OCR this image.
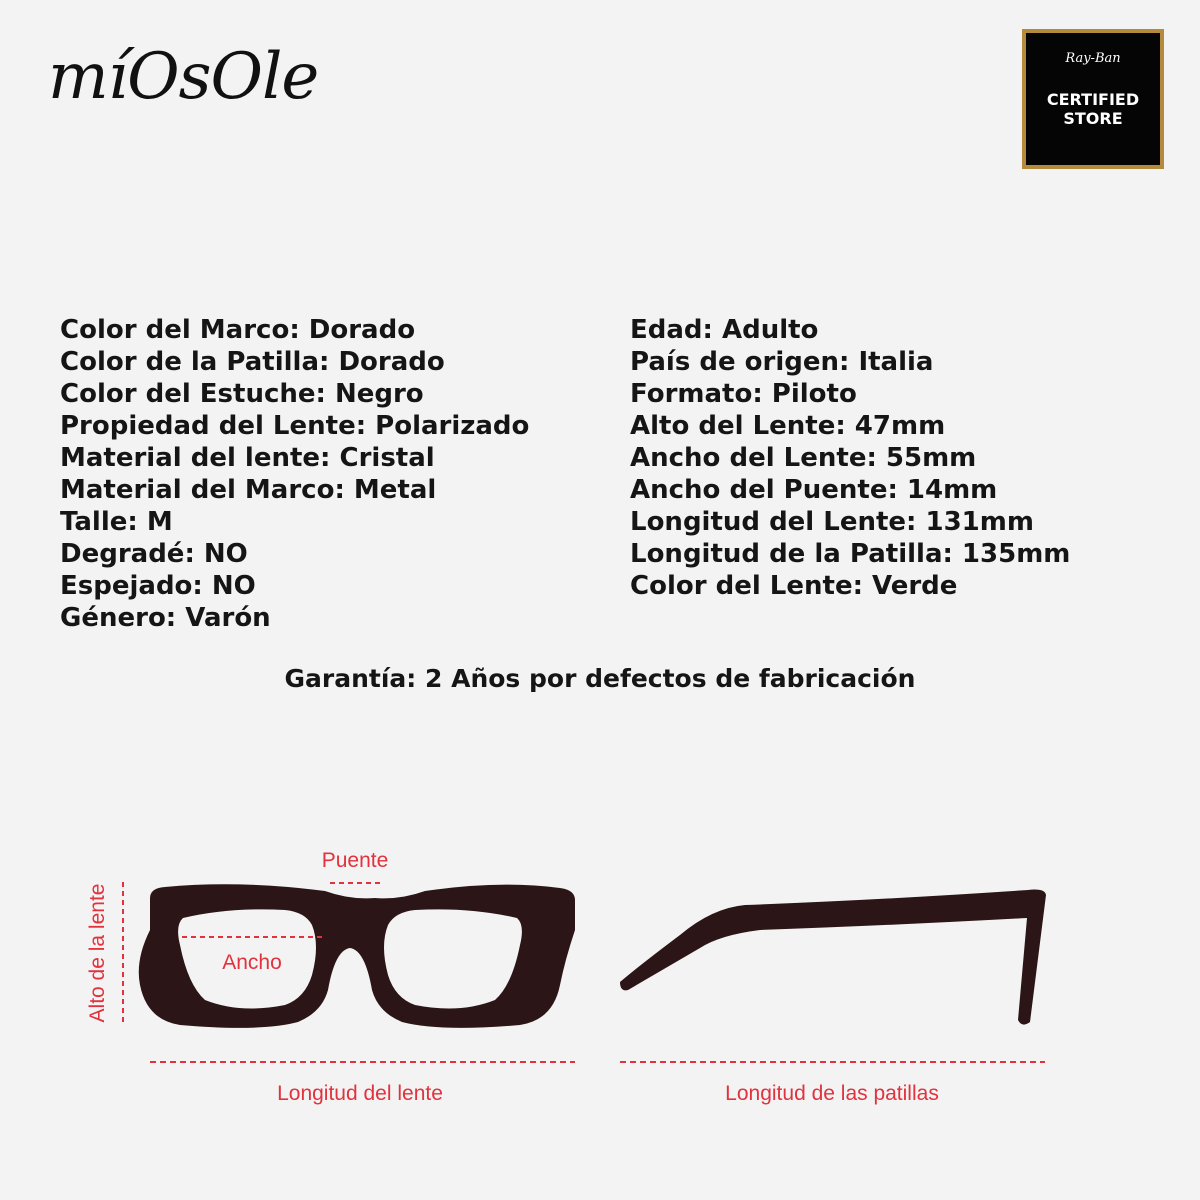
míOsOle	Ray-Ban
CERTIFIED
STORE
Color del Marco: Dorado
Color de la Patilla: Dorado
Color del Estuche: Negro
Propiedad del Lente: Polarizado
Material del lente: Cristal
Material del Marco: Metal
Talle: M
Degradé: NO
Espejado: NO
Género: Varón
Edad: Adulto
País de origen: Italia
Formato: Piloto
Alto del Lente: 47mm
Ancho del Lente: 55mm
Ancho del Puente: 14mm
Longitud del Lente: 131mm
Longitud de la Patilla: 135mm
Color del Lente: Verde
Garantía: 2 Años por defectos de fabricación
Puente
Ancho
Alto de la lente
Longitud del lente	Longitud de las patillas
